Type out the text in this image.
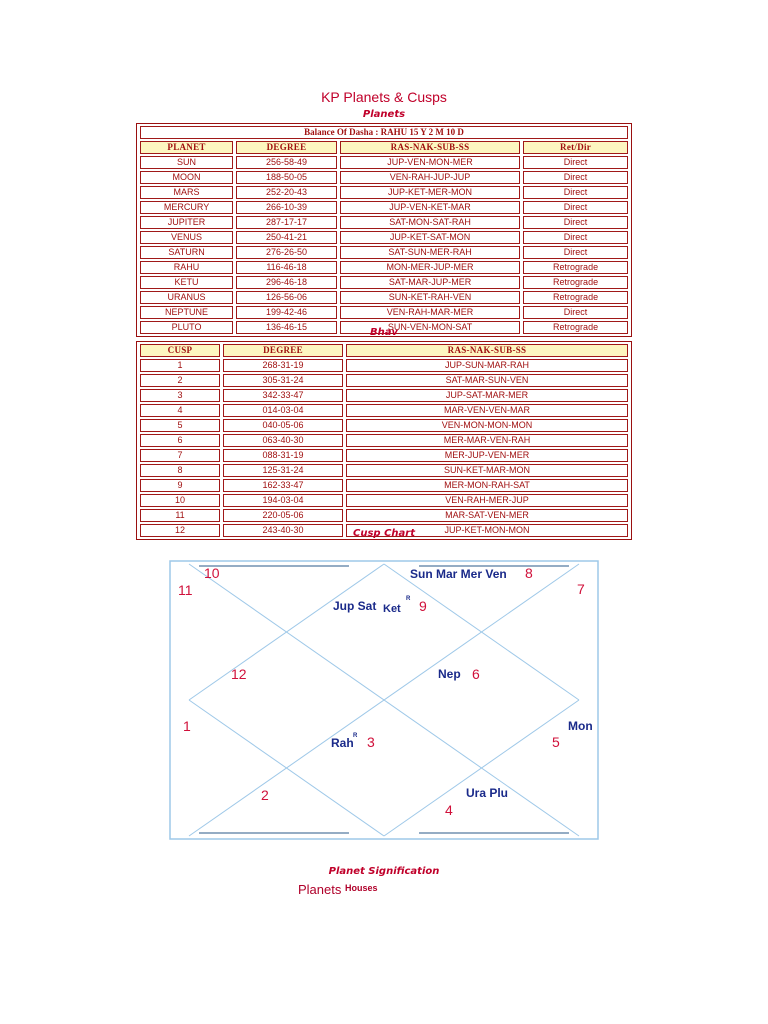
KP Planets & Cusps
Planets
Balance Of Dasha : RAHU 15 Y 2 M 10 D			
PLANET	DEGREE	RAS-NAK-SUB-SS	Ret/Dir
SUN	256-58-49	JUP-VEN-MON-MER	Direct
MOON	188-50-05	VEN-RAH-JUP-JUP	Direct
MARS	252-20-43	JUP-KET-MER-MON	Direct
MERCURY	266-10-39	JUP-VEN-KET-MAR	Direct
JUPITER	287-17-17	SAT-MON-SAT-RAH	Direct
VENUS	250-41-21	JUP-KET-SAT-MON	Direct
SATURN	276-26-50	SAT-SUN-MER-RAH	Direct
RAHU	116-46-18	MON-MER-JUP-MER	Retrograde
KETU	296-46-18	SAT-MAR-JUP-MER	Retrograde
URANUS	126-56-06	SUN-KET-RAH-VEN	Retrograde
NEPTUNE	199-42-46	VEN-RAH-MAR-MER	Direct
PLUTO	136-46-15	SUN-VEN-MON-SAT	Retrograde
Bhav
CUSP	DEGREE	RAS-NAK-SUB-SS
1	268-31-19	JUP-SUN-MAR-RAH
2	305-31-24	SAT-MAR-SUN-VEN
3	342-33-47	JUP-SAT-MAR-MER
4	014-03-04	MAR-VEN-VEN-MAR
5	040-05-06	VEN-MON-MON-MON
6	063-40-30	MER-MAR-VEN-RAH
7	088-31-19	MER-JUP-VEN-MER
8	125-31-24	SUN-KET-MAR-MON
9	162-33-47	MER-MON-RAH-SAT
10	194-03-04	VEN-RAH-MER-JUP
11	220-05-06	MAR-SAT-VEN-MER
12	243-40-30	JUP-KET-MON-MON
Cusp Chart
1
2
3
4
5
6
7
8
9
10
11
12
Rah R
Ura Plu
Mon
Nep
Sun Mar Mer Ven
Jup Sat Ket
R
Planet Signification
Planets $^{Houses}$
